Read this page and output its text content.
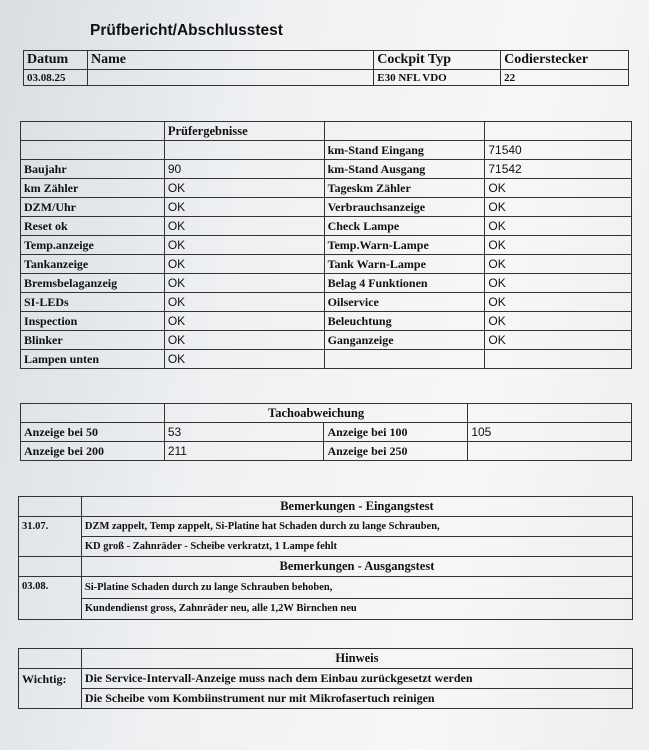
Prüfbericht/Abschlusstest
Datum	Name	Cockpit Typ	Codierstecker
03.08.25		E30 NFL VDO	22
	Prüfergebnisse		
		km-Stand Eingang	71540
Baujahr	90	km-Stand Ausgang	71542
km Zähler	OK	Tageskm Zähler	OK
DZM/Uhr	OK	Verbrauchsanzeige	OK
Reset ok	OK	Check Lampe	OK
Temp.anzeige	OK	Temp.Warn-Lampe	OK
Tankanzeige	OK	Tank Warn-Lampe	OK
Bremsbelaganzeig	OK	Belag 4 Funktionen	OK
SI-LEDs	OK	Oilservice	OK
Inspection	OK	Beleuchtung	OK
Blinker	OK	Ganganzeige	OK
Lampen unten	OK		
	Tachoabweichung		
Anzeige bei 50	53	Anzeige bei 100	105
Anzeige bei 200	211	Anzeige bei 250	
	Bemerkungen - Eingangstest
31.07.	DZM zappelt, Temp zappelt, Si-Platine hat Schaden durch zu lange Schrauben,
	KD groß - Zahnräder - Scheibe verkratzt, 1 Lampe fehlt
	Bemerkungen - Ausgangstest
03.08.	Si-Platine Schaden durch zu lange Schrauben behoben,
	Kundendienst gross, Zahnräder neu, alle 1,2W Birnchen neu
	Hinweis
Wichtig:	Die Service-Intervall-Anzeige muss nach dem Einbau zurückgesetzt werden
	Die Scheibe vom Kombiinstrument nur mit Mikrofasertuch reinigen
